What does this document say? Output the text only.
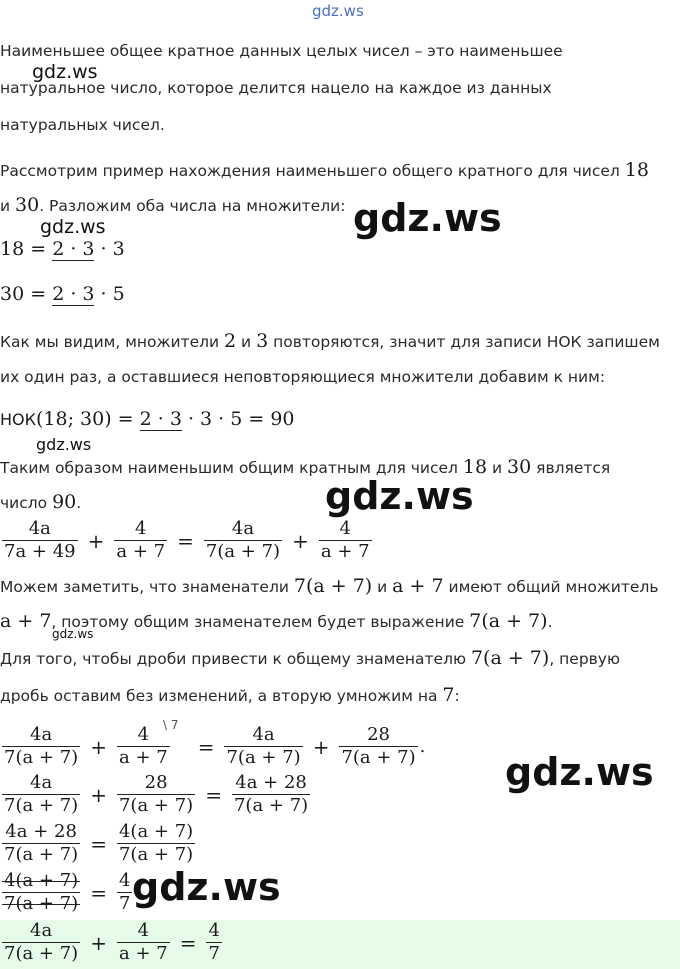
gdz.ws
Наименьшее общее кратное данных целых чисел – это наименьшее
натуральное число, которое делится нацело на каждое из данных
натуральных чисел.
Рассмотрим пример нахождения наименьшего общего кратного для чисел 18
и 30. Разложим оба числа на множители:
18 = 2 · 3 · 3
30 = 2 · 3 · 5
Как мы видим, множители 2 и 3 повторяются, значит для записи НОК запишем
их один раз, а оставшиеся неповторяющиеся множители добавим к ним:
НОК(18; 30) = 2 · 3 · 3 · 5 = 90
Таким образом наименьшим общим кратным для чисел 18 и 30 является
число 90.
$\frac{4a}{7a + 49} + \frac{4}{a + 7} = \frac{4a}{7(a + 7)} + \frac{4}{a + 7}$
Можем заметить, что знаменатели 7(a + 7) и a + 7 имеют общий множитель
a + 7, поэтому общим знаменателем будет выражение 7(a + 7).
Для того, чтобы дроби привести к общему знаменателю 7(a + 7), первую
дробь оставим без изменений, а вторую умножим на 7:
$\frac{4a}{7(a + 7)} + \frac{4}{a + 7} = \frac{4a}{7(a + 7)} + \frac{28}{7(a + 7)}$ .
\ 7
$\frac{4a}{7(a + 7)} + \frac{28}{7(a + 7)} = \frac{4a + 28}{7(a + 7)}$
$\frac{4a + 28}{7(a + 7)} = \frac{4(a + 7)}{7(a + 7)}$
$\frac{4(a + 7)}{7(a + 7)} = \frac{4}{7}$
$\frac{4a}{7(a + 7)} + \frac{4}{a + 7} = \frac{4}{7}$
gdz.ws
gdz.ws	gdz.ws
gdz.ws
gdz.ws
gdz.ws
gdz.ws
gdz.ws
